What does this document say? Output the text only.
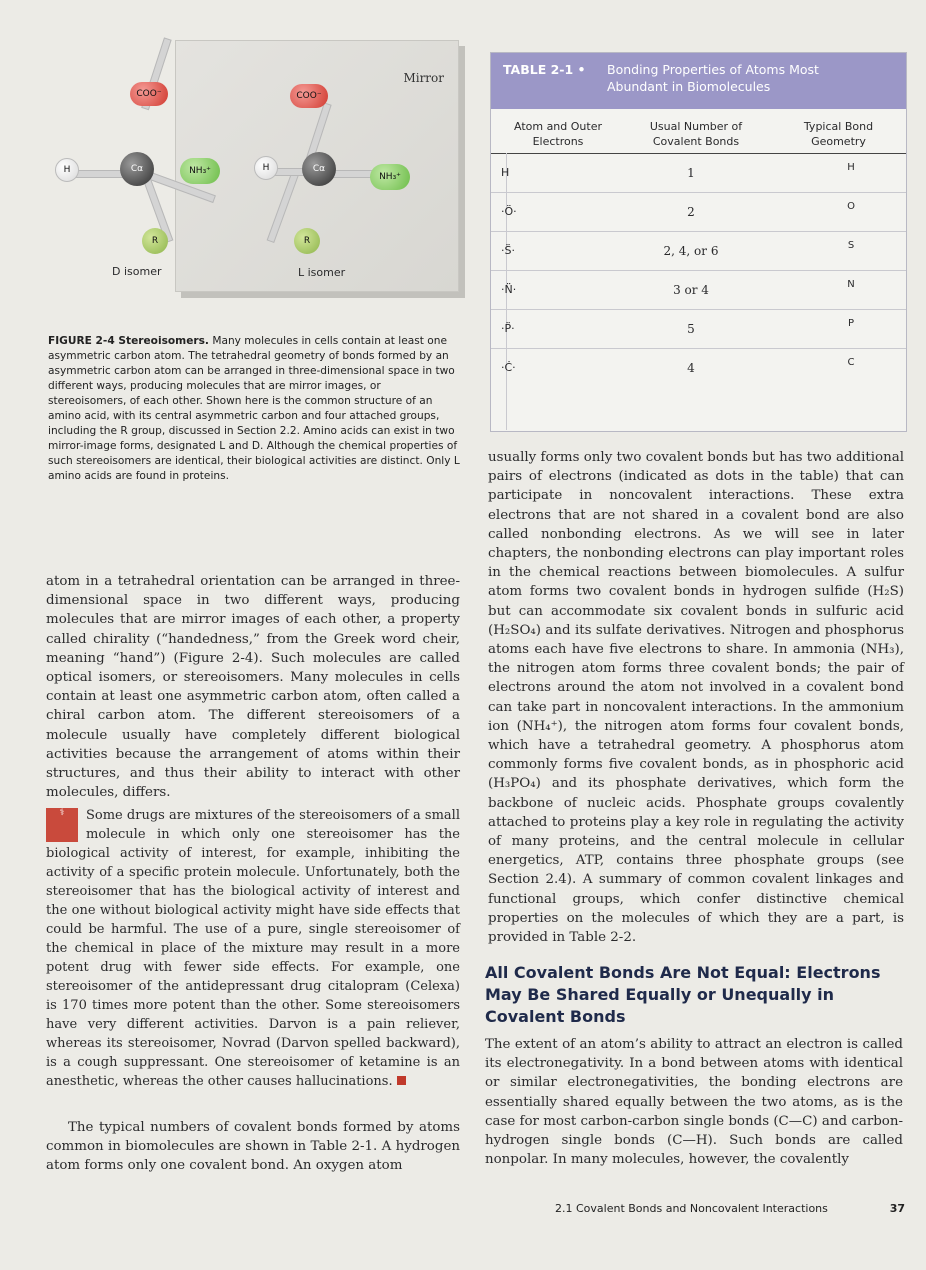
Mirror
COO⁻
Cα	NH₃⁺
R
H
D isomer
COO⁻
Cα
NH₃⁺
R
H
L isomer
FIGURE 2-4 Stereoisomers. Many molecules in cells contain at least one asymmetric carbon atom. The tetrahedral geometry of bonds formed by an asymmetric carbon atom can be arranged in three-dimensional space in two different ways, producing molecules that are mirror images, or stereoisomers, of each other. Shown here is the common structure of an amino acid, with its central asymmetric carbon and four attached groups, including the R group, discussed in Section 2.2. Amino acids can exist in two mirror-image forms, designated L and D. Although the chemical properties of such stereoisomers are identical, their biological activities are distinct. Only L amino acids are found in proteins.
TABLE 2-1 • Bonding Properties of Atoms Most Abundant in Biomolecules
Atom and Outer Electrons
Usual Number of Covalent Bonds
Typical Bond Geometry
H	1	H
·Ö·	2	O
·S̈·	2, 4, or 6	S
·N̈·	3 or 4	N
·P̈·	5	P
·Ċ·	4	C
atom in a tetrahedral orientation can be arranged in three-dimensional space in two different ways, producing molecules that are mirror images of each other, a property called chirality (“handedness,” from the Greek word cheir, meaning “hand”) (Figure 2-4). Such molecules are called optical isomers, or stereoisomers. Many molecules in cells contain at least one asymmetric carbon atom, often called a chiral carbon atom. The different stereoisomers of a molecule usually have completely different biological activities because the arrangement of atoms within their structures, and thus their ability to interact with other molecules, differs.
⚕	Some drugs are mixtures of the stereoisomers of a small molecule in which only one stereoisomer has the biological activity of interest, for example, inhibiting the activity of a specific protein molecule. Unfortunately, both the stereoisomer that has the biological activity of interest and the one without biological activity might have side effects that could be harmful. The use of a pure, single stereoisomer of the chemical in place of the mixture may result in a more potent drug with fewer side effects. For example, one stereoisomer of the antidepressant drug citalopram (Celexa) is 170 times more potent than the other. Some stereoisomers have very different activities. Darvon is a pain reliever, whereas its stereoisomer, Novrad (Darvon spelled backward), is a cough suppressant. One stereoisomer of ketamine is an anesthetic, whereas the other causes hallucinations.
The typical numbers of covalent bonds formed by atoms common in biomolecules are shown in Table 2-1. A hydrogen atom forms only one covalent bond. An oxygen atom
usually forms only two covalent bonds but has two additional pairs of electrons (indicated as dots in the table) that can participate in noncovalent interactions. These extra electrons that are not shared in a covalent bond are also called nonbonding electrons. As we will see in later chapters, the nonbonding electrons can play important roles in the chemical reactions between biomolecules. A sulfur atom forms two covalent bonds in hydrogen sulfide (H₂S) but can accommodate six covalent bonds in sulfuric acid (H₂SO₄) and its sulfate derivatives. Nitrogen and phosphorus atoms each have five electrons to share. In ammonia (NH₃), the nitrogen atom forms three covalent bonds; the pair of electrons around the atom not involved in a covalent bond can take part in noncovalent interactions. In the ammonium ion (NH₄⁺), the nitrogen atom forms four covalent bonds, which have a tetrahedral geometry. A phosphorus atom commonly forms five covalent bonds, as in phosphoric acid (H₃PO₄) and its phosphate derivatives, which form the backbone of nucleic acids. Phosphate groups covalently attached to proteins play a key role in regulating the activity of many proteins, and the central molecule in cellular energetics, ATP, contains three phosphate groups (see Section 2.4). A summary of common covalent linkages and functional groups, which confer distinctive chemical properties on the molecules of which they are a part, is provided in Table 2-2.
All Covalent Bonds Are Not Equal: Electrons May Be Shared Equally or Unequally in Covalent Bonds
The extent of an atom’s ability to attract an electron is called its electronegativity. In a bond between atoms with identical or similar electronegativities, the bonding electrons are essentially shared equally between the two atoms, as is the case for most carbon-carbon single bonds (C—C) and carbon-hydrogen single bonds (C—H). Such bonds are called nonpolar. In many molecules, however, the covalently
2.1 Covalent Bonds and Noncovalent Interactions	37
